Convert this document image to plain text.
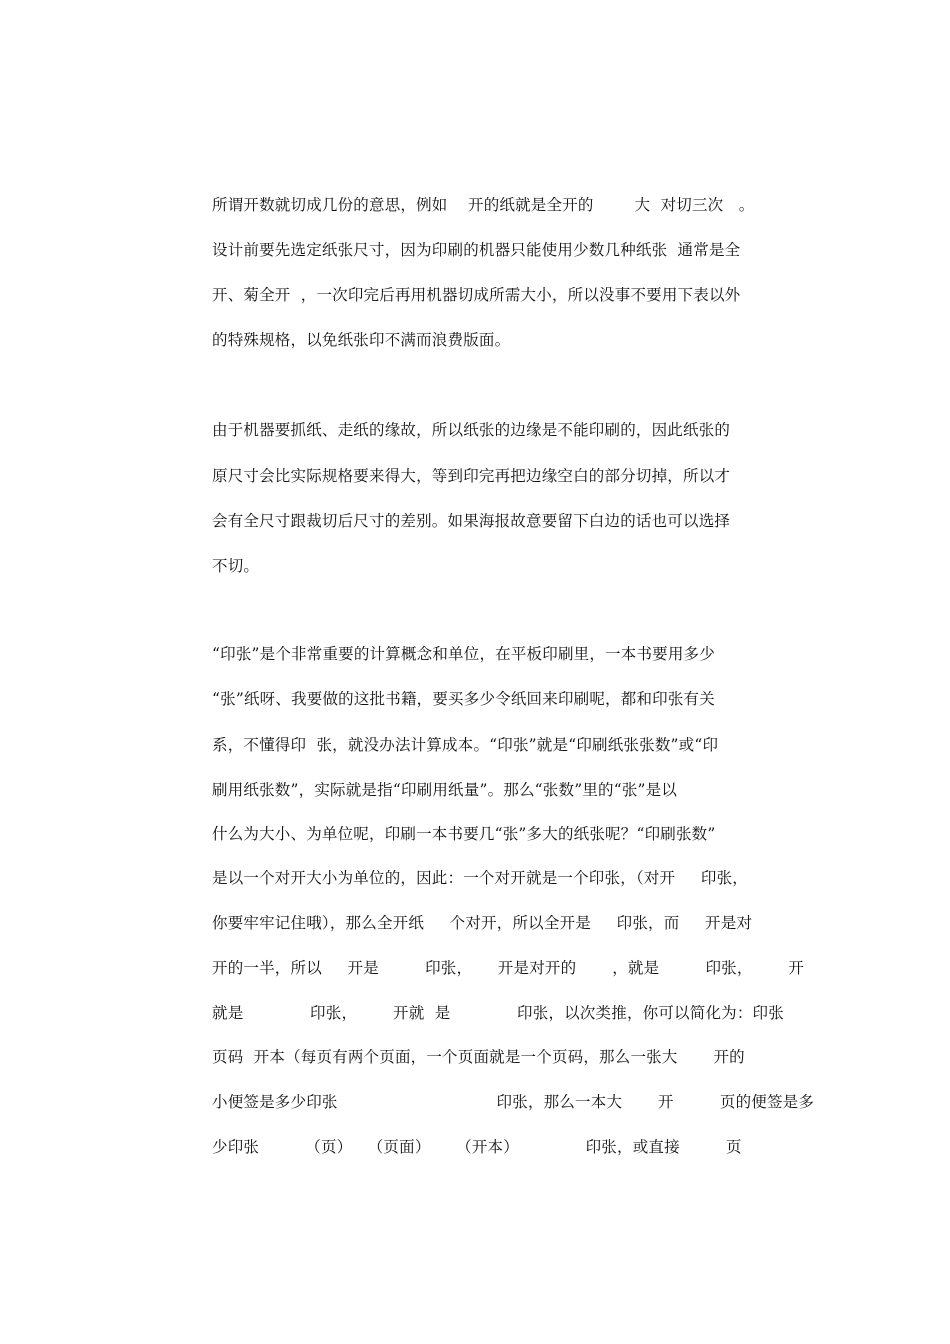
所谓开数就切成几份的意思，例如    开的纸就是全开的        大  对切三次   。
设计前要先选定纸张尺寸，因为印刷的机器只能使用少数几种纸张  通常是全
开、菊全开  ，一次印完后再用机器切成所需大小，所以没事不要用下表以外
的特殊规格，以免纸张印不满而浪费版面。
由于机器要抓纸、走纸的缘故，所以纸张的边缘是不能印刷的，因此纸张的
原尺寸会比实际规格要来得大，等到印完再把边缘空白的部分切掉，所以才
会有全尺寸跟裁切后尺寸的差别。如果海报故意要留下白边的话也可以选择
不切。
“印张”是个非常重要的计算概念和单位，在平板印刷里，一本书要用多少
“张”纸呀、我要做的这批书籍，要买多少令纸回来印刷呢，都和印张有关
系，不懂得印  张，就没办法计算成本。“印张”就是“印刷纸张张数”或“印
刷用纸张数”，实际就是指“印刷用纸量”。那么“张数”里的“张”是以
什么为大小、为单位呢，印刷一本书要几“张”多大的纸张呢？“印刷张数”
是以一个对开大小为单位的，因此：一个对开就是一个印张，（对开     印张，
你要牢牢记住哦），那么全开纸     个对开，所以全开是     印张，而     开是对
开的一半，所以     开是         印张，     开是对开的       ，就是         印张，       开
就是             印张，       开就  是             印张，以次类推，你可以简化为：印张
页码  开本（每页有两个页面，一个页面就是一个页码，那么一张大       开的
小便签是多少印张                               印张，那么一本大       开         页的便签是多
少印张         （页）   （页面）     （开本）             印张，或直接         页
